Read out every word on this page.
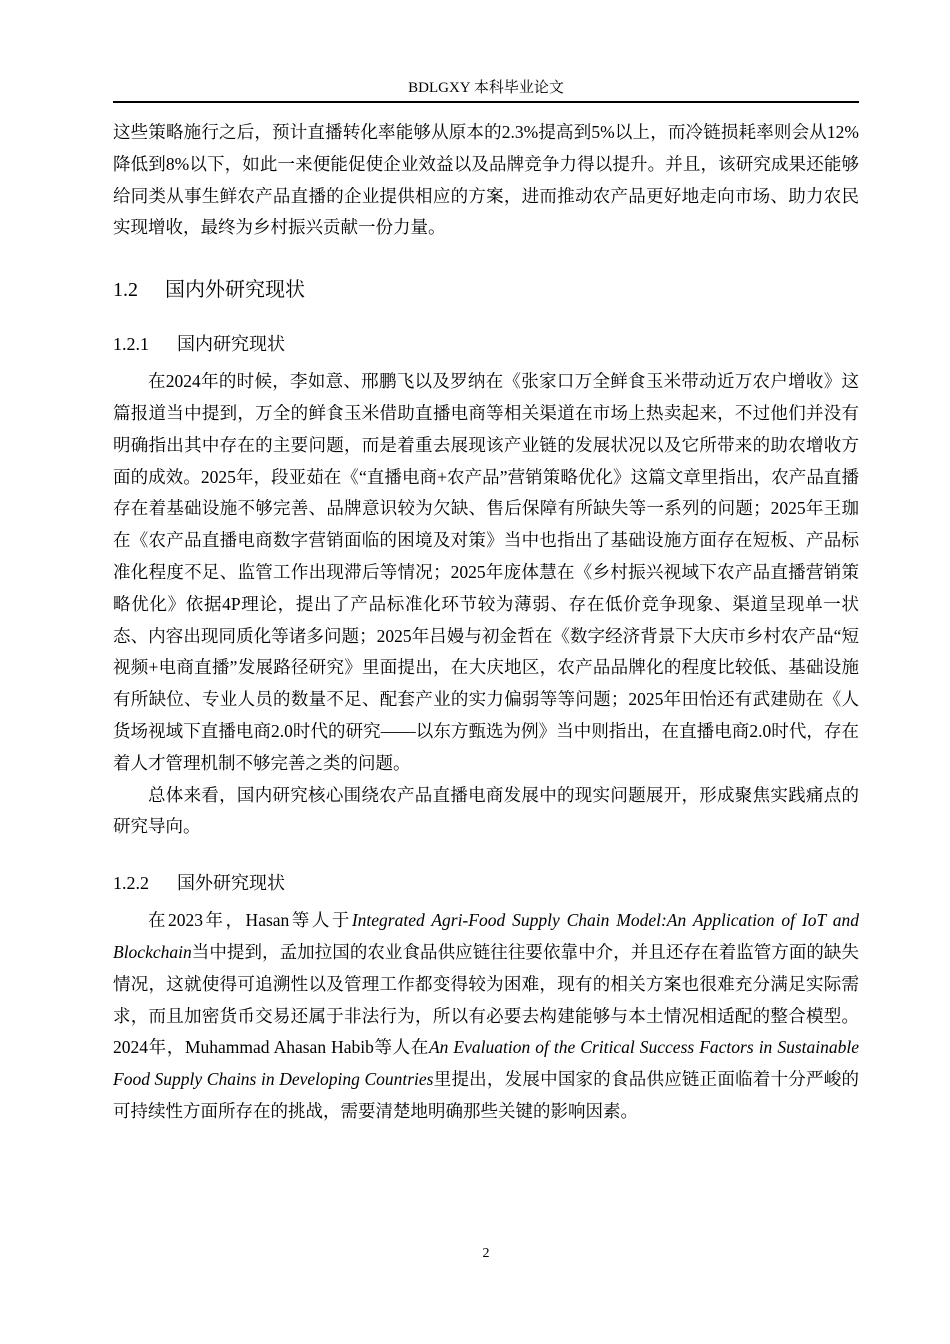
BDLGXY 本科毕业论文

这些策略施行之后，预计直播转化率能够从原本的2.3%提高到5%以上，而冷链损耗率则会从12%降低到8%以下，如此一来便能促使企业效益以及品牌竞争力得以提升。并且，该研究成果还能够给同类从事生鲜农产品直播的企业提供相应的方案，进而推动农产品更好地走向市场、助力农民实现增收，最终为乡村振兴贡献一份力量。

1.2 国内外研究现状
1.2.1 国内研究现状

在2024年的时候，李如意、邢鹏飞以及罗纳在《张家口万全鲜食玉米带动近万农户增收》这篇报道当中提到，万全的鲜食玉米借助直播电商等相关渠道在市场上热卖起来，不过他们并没有明确指出其中存在的主要问题，而是着重去展现该产业链的发展状况以及它所带来的助农增收方面的成效。2025年，段亚茹在《“直播电商+农产品”营销策略优化》这篇文章里指出，农产品直播存在着基础设施不够完善、品牌意识较为欠缺、售后保障有所缺失等一系列的问题；2025年王珈在《农产品直播电商数字营销面临的困境及对策》当中也指出了基础设施方面存在短板、产品标准化程度不足、监管工作出现滞后等情况；2025年庞体慧在《乡村振兴视域下农产品直播营销策略优化》依据4P理论，提出了产品标准化环节较为薄弱、存在低价竞争现象、渠道呈现单一状态、内容出现同质化等诸多问题；2025年吕嫚与初金哲在《数字经济背景下大庆市乡村农产品“短视频+电商直播”发展路径研究》里面提出，在大庆地区，农产品品牌化的程度比较低、基础设施有所缺位、专业人员的数量不足、配套产业的实力偏弱等等问题；2025年田怡还有武建勋在《人货场视域下直播电商2.0时代的研究——以东方甄选为例》当中则指出，在直播电商2.0时代，存在着人才管理机制不够完善之类的问题。

总体来看，国内研究核心围绕农产品直播电商发展中的现实问题展开，形成聚焦实践痛点的研究导向。

1.2.2 国外研究现状

在2023年，Hasan等人于Integrated Agri-Food Supply Chain Model:An Application of IoT and Blockchain当中提到，孟加拉国的农业食品供应链往往要依靠中介，并且还存在着监管方面的缺失情况，这就使得可追溯性以及管理工作都变得较为困难，现有的相关方案也很难充分满足实际需求，而且加密货币交易还属于非法行为，所以有必要去构建能够与本土情况相适配的整合模型。2024年，Muhammad Ahasan Habib等人在An Evaluation of the Critical Success Factors in Sustainable Food Supply Chains in Developing Countries里提出，发展中国家的食品供应链正面临着十分严峻的可持续性方面所存在的挑战，需要清楚地明确那些关键的影响因素。

2
